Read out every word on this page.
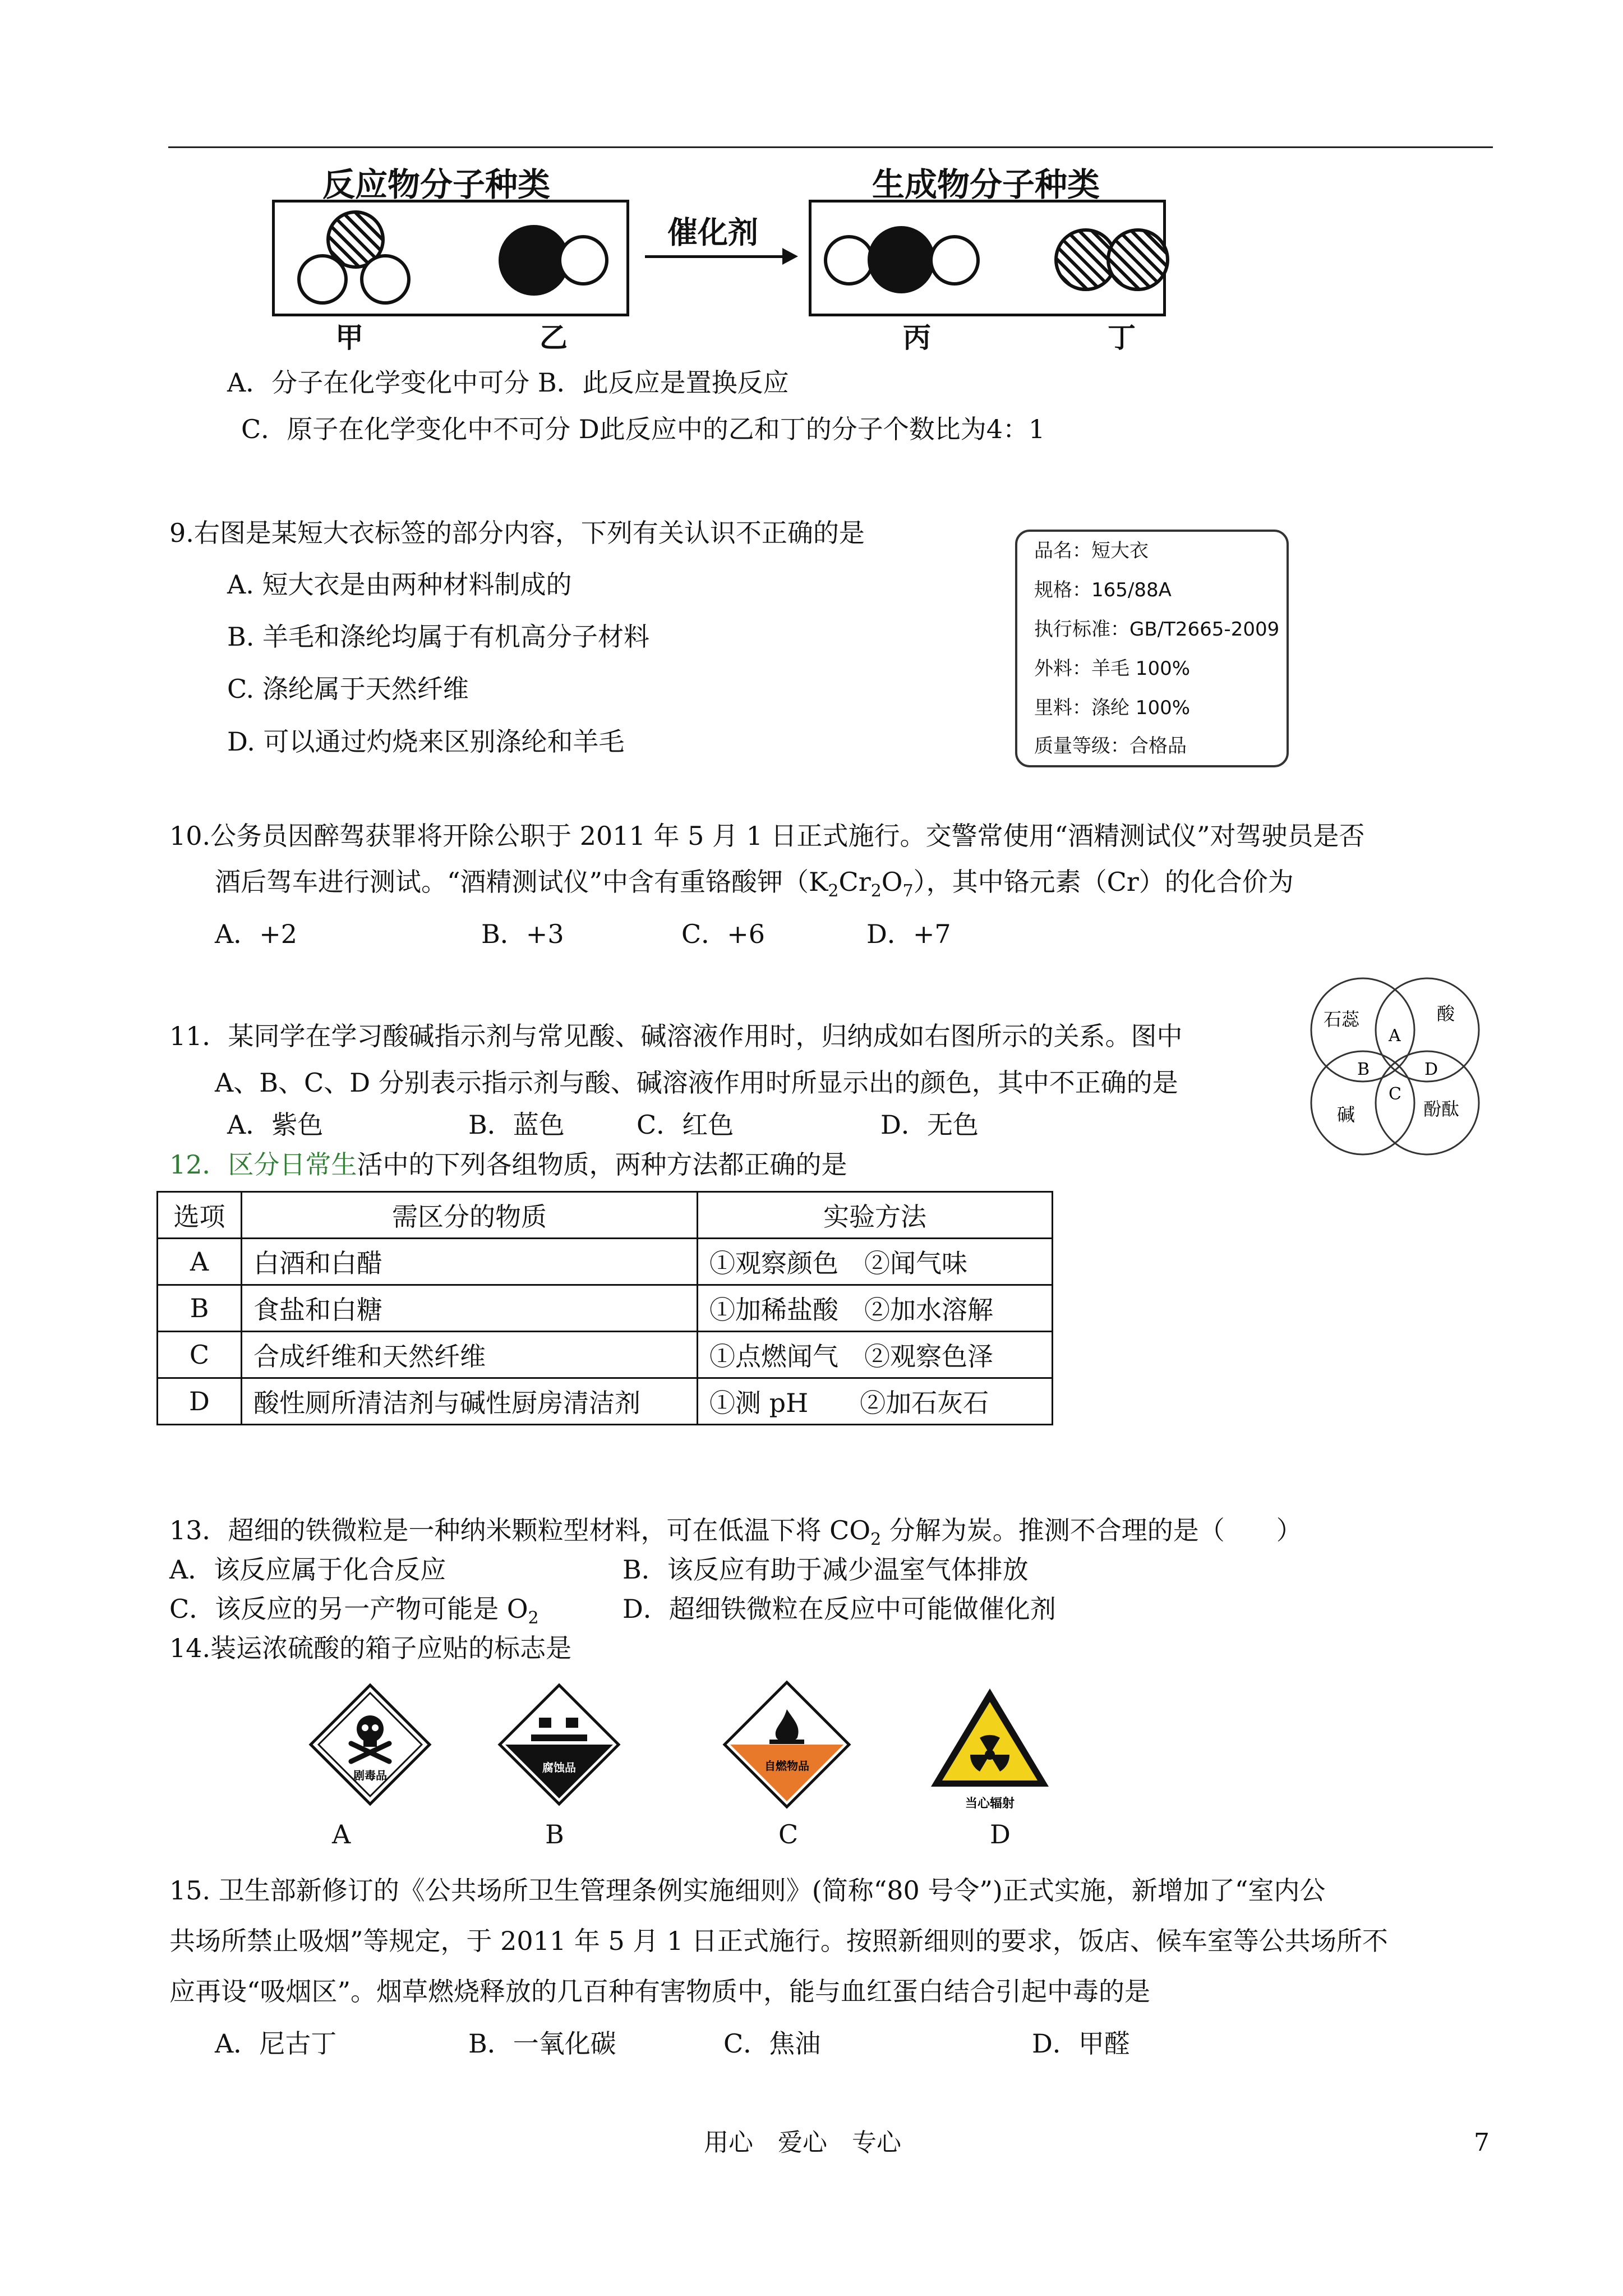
反应物分子种类	生成物分子种类
催化剂
甲	乙	丙	丁
A．分子在化学变化中可分 B．此反应是置换反应
C．原子在化学变化中不可分 D此反应中的乙和丁的分子个数比为4：1
9.右图是某短大衣标签的部分内容，下列有关认识不正确的是
A. 短大衣是由两种材料制成的
B. 羊毛和涤纶均属于有机高分子材料
C. 涤纶属于天然纤维
D. 可以通过灼烧来区别涤纶和羊毛
品名：短大衣
规格：165/88A
执行标准：GB/T2665-2009
外料：羊毛 100%
里料：涤纶 100%
质量等级：合格品
10.公务员因醉驾获罪将开除公职于 2011 年 5 月 1 日正式施行。交警常使用“酒精测试仪”对驾驶员是否
酒后驾车进行测试。“酒精测试仪”中含有重铬酸钾$(K_2Cr_2O_7)$，其中铬元素（Cr）的化合价为
A．+2	B．+3	C．+6	D．+7
11．某同学在学习酸碱指示剂与常见酸、碱溶液作用时，归纳成如右图所示的关系。图中
A、B、C、D 分别表示指示剂与酸、碱溶液作用时所显示出的颜色，其中不正确的是
A．紫色	B．蓝色	C．红色	D．无色
石蕊	酸
碱	酚酞
A
B
C
D
12．区分日常生活中的下列各组物质，两种方法都正确的是
选项	需区分的物质	实验方法
A	白酒和白醋	①观察颜色　②闻气味
B	食盐和白糖	①加稀盐酸　②加水溶解
C	合成纤维和天然纤维	①点燃闻气　②观察色泽
D	酸性厕所清洁剂与碱性厨房清洁剂	①测 pH　　②加石灰石
13．超细的铁微粒是一种纳米颗粒型材料，可在低温下将 $CO_2$ 分解为炭。推测不合理的是（　　）
A．该反应属于化合反应	B．该反应有助于减少温室气体排放
C．该反应的另一产物可能是 $O_2$	D．超细铁微粒在反应中可能做催化剂
14.装运浓硫酸的箱子应贴的标志是
剧毒品
腐蚀品	自燃物品
当心辐射
A	B	C	D
15. 卫生部新修订的《公共场所卫生管理条例实施细则》(简称“80 号令”)正式实施，新增加了“室内公
共场所禁止吸烟”等规定，于 2011 年 5 月 1 日正式施行。按照新细则的要求，饭店、候车室等公共场所不
应再设“吸烟区”。烟草燃烧释放的几百种有害物质中，能与血红蛋白结合引起中毒的是
A．尼古丁	B．一氧化碳	C．焦油	D．甲醛
用心　爱心　专心	7
